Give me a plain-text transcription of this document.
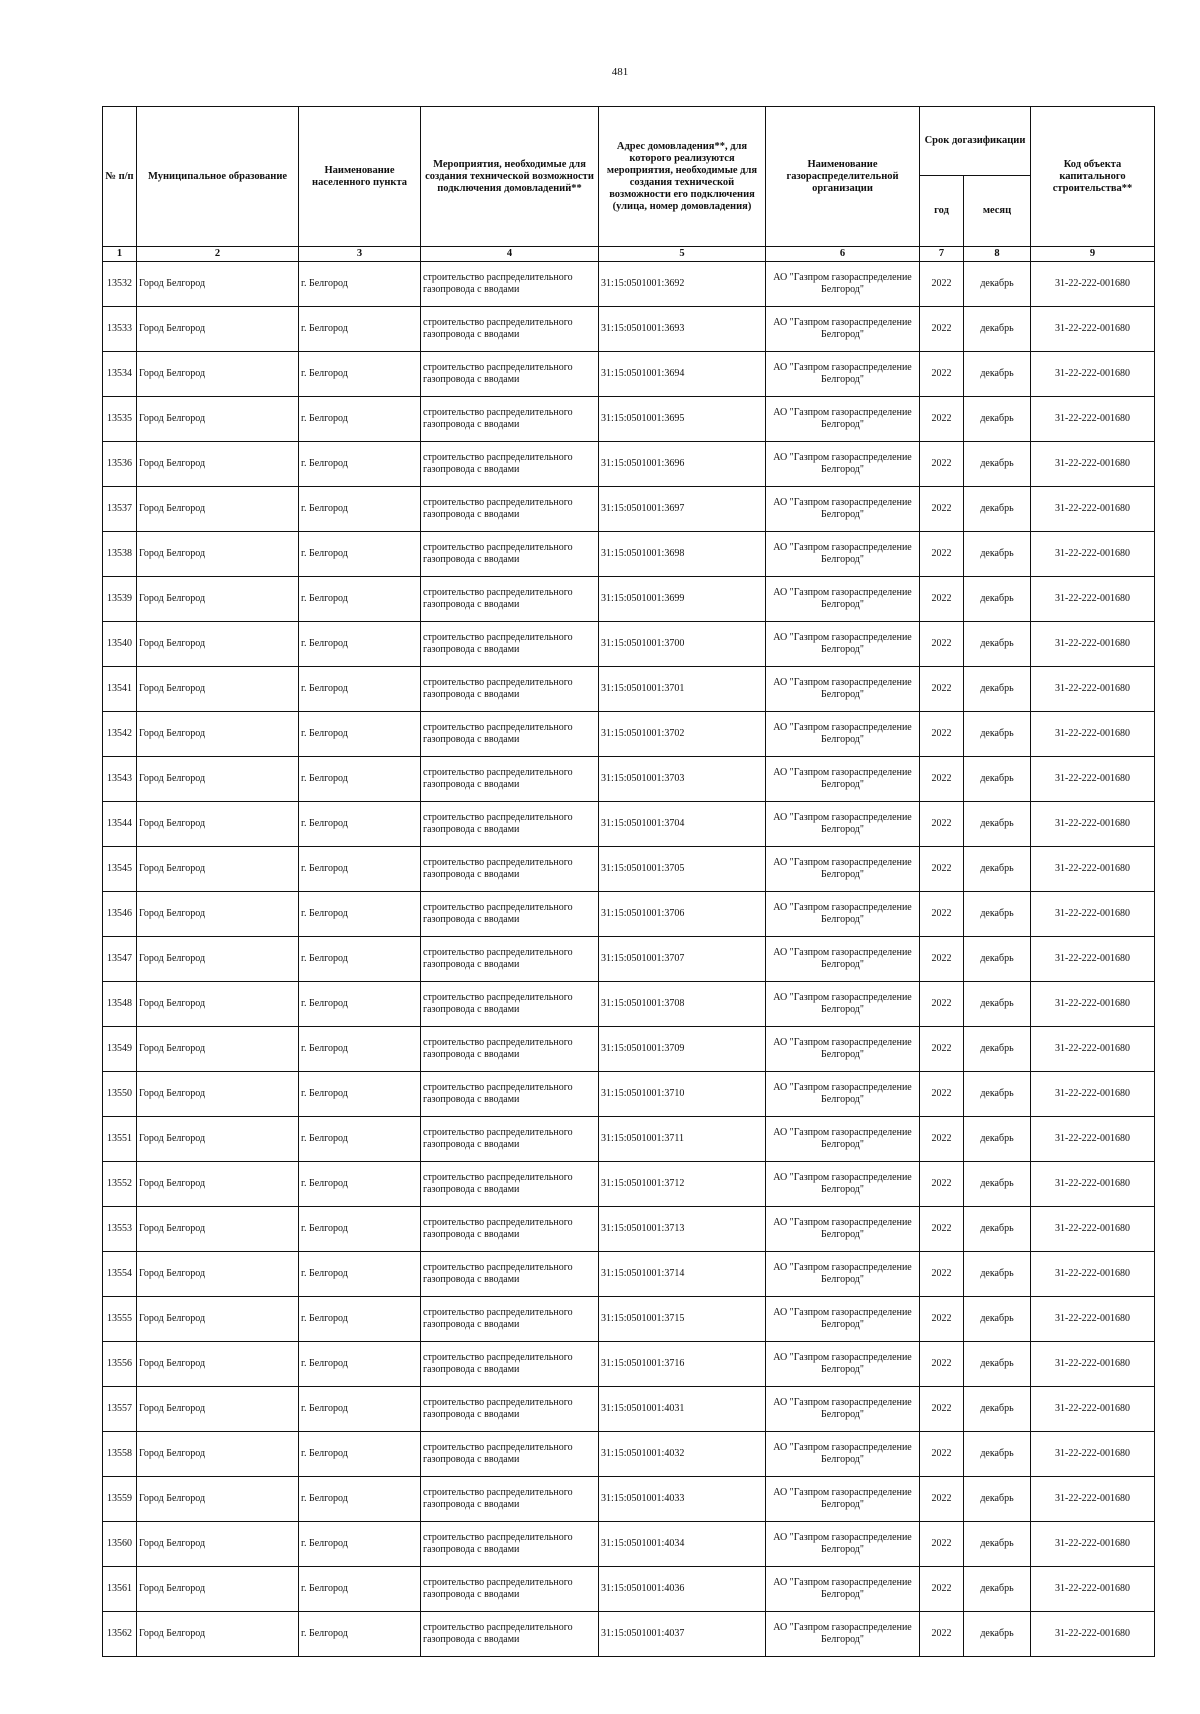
481
№ п/п	Муниципальное образование	Наименование населенного пункта	Мероприятия, необходимые для создания технической возможности подключения домовладений**	Адрес домовладения**, для которого реализуются мероприятия, необходимые для создания технической возможности его подключения (улица, номер домовладения)	Наименование газораспределительной организации	Срок догазификации		Код объекта капитального строительства**
						год	месяц	
1	2	3	4	5	6	7	8	9
13532	Город Белгород	г. Белгород	строительство распределительного газопровода с вводами	31:15:0501001:3692	АО "Газпром газораспределение Белгород"	2022	декабрь	31-22-222-001680
13533	Город Белгород	г. Белгород	строительство распределительного газопровода с вводами	31:15:0501001:3693	АО "Газпром газораспределение Белгород"	2022	декабрь	31-22-222-001680
13534	Город Белгород	г. Белгород	строительство распределительного газопровода с вводами	31:15:0501001:3694	АО "Газпром газораспределение Белгород"	2022	декабрь	31-22-222-001680
13535	Город Белгород	г. Белгород	строительство распределительного газопровода с вводами	31:15:0501001:3695	АО "Газпром газораспределение Белгород"	2022	декабрь	31-22-222-001680
13536	Город Белгород	г. Белгород	строительство распределительного газопровода с вводами	31:15:0501001:3696	АО "Газпром газораспределение Белгород"	2022	декабрь	31-22-222-001680
13537	Город Белгород	г. Белгород	строительство распределительного газопровода с вводами	31:15:0501001:3697	АО "Газпром газораспределение Белгород"	2022	декабрь	31-22-222-001680
13538	Город Белгород	г. Белгород	строительство распределительного газопровода с вводами	31:15:0501001:3698	АО "Газпром газораспределение Белгород"	2022	декабрь	31-22-222-001680
13539	Город Белгород	г. Белгород	строительство распределительного газопровода с вводами	31:15:0501001:3699	АО "Газпром газораспределение Белгород"	2022	декабрь	31-22-222-001680
13540	Город Белгород	г. Белгород	строительство распределительного газопровода с вводами	31:15:0501001:3700	АО "Газпром газораспределение Белгород"	2022	декабрь	31-22-222-001680
13541	Город Белгород	г. Белгород	строительство распределительного газопровода с вводами	31:15:0501001:3701	АО "Газпром газораспределение Белгород"	2022	декабрь	31-22-222-001680
13542	Город Белгород	г. Белгород	строительство распределительного газопровода с вводами	31:15:0501001:3702	АО "Газпром газораспределение Белгород"	2022	декабрь	31-22-222-001680
13543	Город Белгород	г. Белгород	строительство распределительного газопровода с вводами	31:15:0501001:3703	АО "Газпром газораспределение Белгород"	2022	декабрь	31-22-222-001680
13544	Город Белгород	г. Белгород	строительство распределительного газопровода с вводами	31:15:0501001:3704	АО "Газпром газораспределение Белгород"	2022	декабрь	31-22-222-001680
13545	Город Белгород	г. Белгород	строительство распределительного газопровода с вводами	31:15:0501001:3705	АО "Газпром газораспределение Белгород"	2022	декабрь	31-22-222-001680
13546	Город Белгород	г. Белгород	строительство распределительного газопровода с вводами	31:15:0501001:3706	АО "Газпром газораспределение Белгород"	2022	декабрь	31-22-222-001680
13547	Город Белгород	г. Белгород	строительство распределительного газопровода с вводами	31:15:0501001:3707	АО "Газпром газораспределение Белгород"	2022	декабрь	31-22-222-001680
13548	Город Белгород	г. Белгород	строительство распределительного газопровода с вводами	31:15:0501001:3708	АО "Газпром газораспределение Белгород"	2022	декабрь	31-22-222-001680
13549	Город Белгород	г. Белгород	строительство распределительного газопровода с вводами	31:15:0501001:3709	АО "Газпром газораспределение Белгород"	2022	декабрь	31-22-222-001680
13550	Город Белгород	г. Белгород	строительство распределительного газопровода с вводами	31:15:0501001:3710	АО "Газпром газораспределение Белгород"	2022	декабрь	31-22-222-001680
13551	Город Белгород	г. Белгород	строительство распределительного газопровода с вводами	31:15:0501001:3711	АО "Газпром газораспределение Белгород"	2022	декабрь	31-22-222-001680
13552	Город Белгород	г. Белгород	строительство распределительного газопровода с вводами	31:15:0501001:3712	АО "Газпром газораспределение Белгород"	2022	декабрь	31-22-222-001680
13553	Город Белгород	г. Белгород	строительство распределительного газопровода с вводами	31:15:0501001:3713	АО "Газпром газораспределение Белгород"	2022	декабрь	31-22-222-001680
13554	Город Белгород	г. Белгород	строительство распределительного газопровода с вводами	31:15:0501001:3714	АО "Газпром газораспределение Белгород"	2022	декабрь	31-22-222-001680
13555	Город Белгород	г. Белгород	строительство распределительного газопровода с вводами	31:15:0501001:3715	АО "Газпром газораспределение Белгород"	2022	декабрь	31-22-222-001680
13556	Город Белгород	г. Белгород	строительство распределительного газопровода с вводами	31:15:0501001:3716	АО "Газпром газораспределение Белгород"	2022	декабрь	31-22-222-001680
13557	Город Белгород	г. Белгород	строительство распределительного газопровода с вводами	31:15:0501001:4031	АО "Газпром газораспределение Белгород"	2022	декабрь	31-22-222-001680
13558	Город Белгород	г. Белгород	строительство распределительного газопровода с вводами	31:15:0501001:4032	АО "Газпром газораспределение Белгород"	2022	декабрь	31-22-222-001680
13559	Город Белгород	г. Белгород	строительство распределительного газопровода с вводами	31:15:0501001:4033	АО "Газпром газораспределение Белгород"	2022	декабрь	31-22-222-001680
13560	Город Белгород	г. Белгород	строительство распределительного газопровода с вводами	31:15:0501001:4034	АО "Газпром газораспределение Белгород"	2022	декабрь	31-22-222-001680
13561	Город Белгород	г. Белгород	строительство распределительного газопровода с вводами	31:15:0501001:4036	АО "Газпром газораспределение Белгород"	2022	декабрь	31-22-222-001680
13562	Город Белгород	г. Белгород	строительство распределительного газопровода с вводами	31:15:0501001:4037	АО "Газпром газораспределение Белгород"	2022	декабрь	31-22-222-001680
